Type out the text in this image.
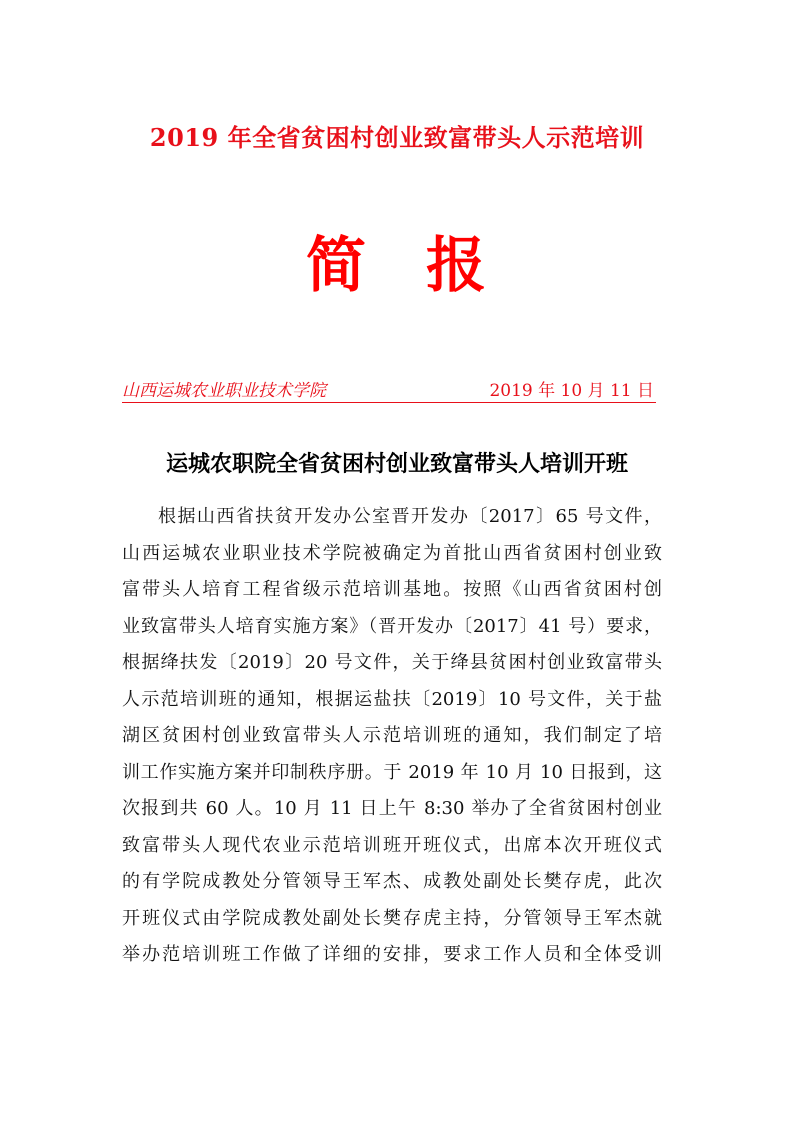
2019 年全省贫困村创业致富带头人示范培训
简 报
山西运城农业职业技术学院	2019 年 10 月 11 日
运城农职院全省贫困村创业致富带头人培训开班
根据山西省扶贫开发办公室晋开发办〔2017〕65 号文件，
山西运城农业职业技术学院被确定为首批山西省贫困村创业致
富带头人培育工程省级示范培训基地。按照《山西省贫困村创
业致富带头人培育实施方案》（晋开发办〔2017〕41 号）要求，
根据绛扶发〔2019〕20 号文件，关于绛县贫困村创业致富带头
人示范培训班的通知，根据运盐扶〔2019〕10 号文件，关于盐
湖区贫困村创业致富带头人示范培训班的通知，我们制定了培
训工作实施方案并印制秩序册。于 2019 年 10 月 10 日报到，这
次报到共 60 人。10 月 11 日上午 8:30 举办了全省贫困村创业
致富带头人现代农业示范培训班开班仪式，出席本次开班仪式
的有学院成教处分管领导王军杰、成教处副处长樊存虎，此次
开班仪式由学院成教处副处长樊存虎主持，分管领导王军杰就
举办范培训班工作做了详细的安排，要求工作人员和全体受训
